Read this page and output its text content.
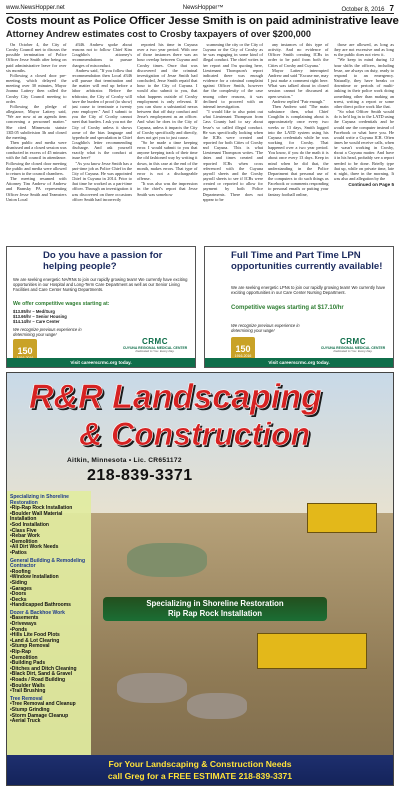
www.NewsHopper.net	NewsHopper™	October 8, 2016 7
Costs mount as Police Officer Jesse Smith is on paid administrative leave
Attorney Andrew estimates cost to Crosby taxpayers of over $200,000

On October 4, the City of Crosby Council met to discuss the possible termination of Police Officer Jesse Smith after being on paid administrative leave for over six months.

Following a closed door pre-meeting, which delayed the meeting over 30 minutes, Mayor Joanna Lattery then called the Crosby City Council meeting to order.

Following the pledge of allegiance, Mayor Lattery said, "We are now at an agenda item concerning a personnel matter." She cited Minnesota statute 13D.05 subdivision 3b and closed the meeting.

Then public and media were dismissed and a closed session was conducted in excess of 45 minutes with the full council in attendance. Following the closed door meeting the public and media were allowed to return to the council chambers.

The meeting resumed with Attorney Tim Andrew of Andrew and Bransky PA representing Officer Jesse Smith and Teamsters Union Local

#346. Andrew spoke about reasons not to follow Chief Kim Coughlin's attorney's recommendations to pursue charges of misconduct.

Andrew said, "If you follow that recommendation then Local #346 will pursue that termination and the matter will end up before a labor arbitrator. Before the arbitrator, the City of Crosby will have the burden of proof (to show) just cause to terminate a twenty year employee." And I submit to you the City of Crosby cannot meet that burden. I ask you not the City of Crosby unless it shows some of the bias language and hyperbole and speculation in Chief Coughlin's letter recommending discharge. And ask yourself exactly what is the conduct at issue here?

"As you know Jesse Smith has a part-time job as Police Chief in the City of Cuyuna. He was appointed Chief in Cuyuna in 2014. Prior to that time he worked as a part-time officer. Through an investigation it was discovered on three occasions officer Smith had incorrectly

reported his time in Cuyuna over a two year period. With one of those instances there was an hour overlap between Cuyuna and Crosby times. Once that was discovered and the criminal investigation of Jesse Smith had concluded, Jesse Smith repaid that hour to the City of Cuyuna. I would also submit to you, that what happens outside of Crosby employment is only relevant. If you can show a substantial nexus between that off duty conduct and Jesse's employment as an officer. And what he does in the City of Cuyuna, unless it impacts the City of Crosby specifically and directly, does not get you to just cause.

"So he made a time keeping error. I would submit to you that anyone keeping track of their time the old fashioned way by writing it down, in this case at the end of the month, makes errors. That type of error is not a dischargeable offense.

"It was also was the impression in the chief's report that Jesse Smith was somehow

scamming the city or the City of Cuyuna or the City of Crosby as he was engaging in some kind of illegal conduct. The chief writes in her report and I'm quoting here, Lieutenant Thompson's report indicated there was enough evidence for a criminal complaint against Officer Smith, however due the complexity of the case among other reasons, it was declined to proceed with an internal investigation.

"I would like to also point out what Lieutenant Thompson from Cass County had to say about Jesse's so called illegal conduct. He was specifically looking when the ICRs were created and reported for both Cities of Crosby and Cuyuna. This is what Lieutenant Thompson writes. 'The dates and times created and reported ICRs when cross referenced with the Cuyuna payroll sheets and the Crosby payroll sheets to see if ICRs were created or reported to allow for payment by both Police Departments. There does not appear to be

any instances of this type of activity. And no evidence of Officer Smith creating ICRs in order to be paid from both the Cities of Crosby and Cuyuna.'

Mayor Lattery interrupted Andrew and said "Excuse me, may I just make a comment right here. What was talked about in closed session cannot be discussed at open session."

Andrew replied "Fair enough."

Then Andrew said "The main substance then, what Chief Coughlin is complaining about is approximately once every two weeks or 13 days, Smith logged into the LATD system using his Cuyuna credentials while he was working for Crosby. That happened over a two year period. You know, if you do the math it is about once every 13 days. Keep in mind when he did that, the understanding in the Police Department that personal use of the computers to do such things as Facebook or comments responding to personal emails or putting your fantasy football online,

those are allowed, as long as they are not excessive and as long as the public does not view it.

"We keep in mind during 12 hour shifts the officers, including Jesse, are always on duty, ready to respond to an emergency. Naturally, they have breaks or downtime or periods of multi-tasking in their police work doing something other than making an arrest, writing a report or some other direct police work like that.

"So what Officer Smith would do is he'd log in to the LATD using the Cuyuna credentials and he would use the computer instead of Facebook or what have you. He would write a Cuyuna ICR. Often times he would receive calls, when he wasn't working in Crosby, about a Cuyuna matter. And have it in his head, probably see a report needed to be done. Briefly type that up, while on private time, late at night, three in the morning. It was also and allegation by the

Continued on Page 5
Do you have a passion for helping people?
We are seeking energetic NA/RNs to join our rapidly growing team! We currently have exciting opportunities in our Hospital and Long-Term Care Department as well as our Senior Living Facilities and Care Center Nursing Departments.
We offer competitive wages starting at:
$13.85/hr – Med/Surg
$13.66/hr – Senior Housing
$14.14/hr – Care Center
We recognize previous experience in determining your wage!
150
CRMC
CUYUNA REGIONAL MEDICAL CENTER
Dedicated to You. Every Day.
Visit careerscrmc.org today.
Full Time and Part Time LPN opportunities currently available!
We are seeking energetic LPNs to join our rapidly growing team! We currently have exciting opportunities in our Care Center Nursing Department.
Competitive wages starting at $17.10/hr
We recognize previous experience in determining your wage!
150
1916-2016
CRMC
CUYUNA REGIONAL MEDICAL CENTER
Dedicated to You. Every Day.
Visit careerscrmc.org today.
R&R Landscaping
& Construction
Aitkin, Minnesota • Lic. CR651172
218-839-3371
Specializing in Shoreline Restoration
• Rip-Rap Rock Installation
• Boulder Wall Material Installation
• Sod Installation
• Class Five
• Rebar Work
• Demolition
• All Dirt Work Needs
• Patios
General Building & Remodeling Contractor
• Roofing
• Window Installation
• Siding
• Garages
• Doors
• Decks
• Handicapped Bathrooms
Dozer & Backhoe Work
• Basements
• Driveways
• Ponds
• Hills Lite Food Plots
• Land & Lot Clearing
• Stump Removal
• Rip-Rap
• Demolition
• Building Pads
• Ditches and Ditch Cleaning
• Black Dirt, Sand & Gravel
• Roads / Road Building
• Boulder Walls
• Trail Brushing
Tree Removal
• Tree Removal and Cleanup
• Stump Grinding
• Storm Damage Cleanup
• Aerial Truck
Specializing in Shoreline Restoration
Rip Rap Rock Installation
For Your Landscaping & Construction Needs
call Greg for a FREE ESTIMATE 218-839-3371
